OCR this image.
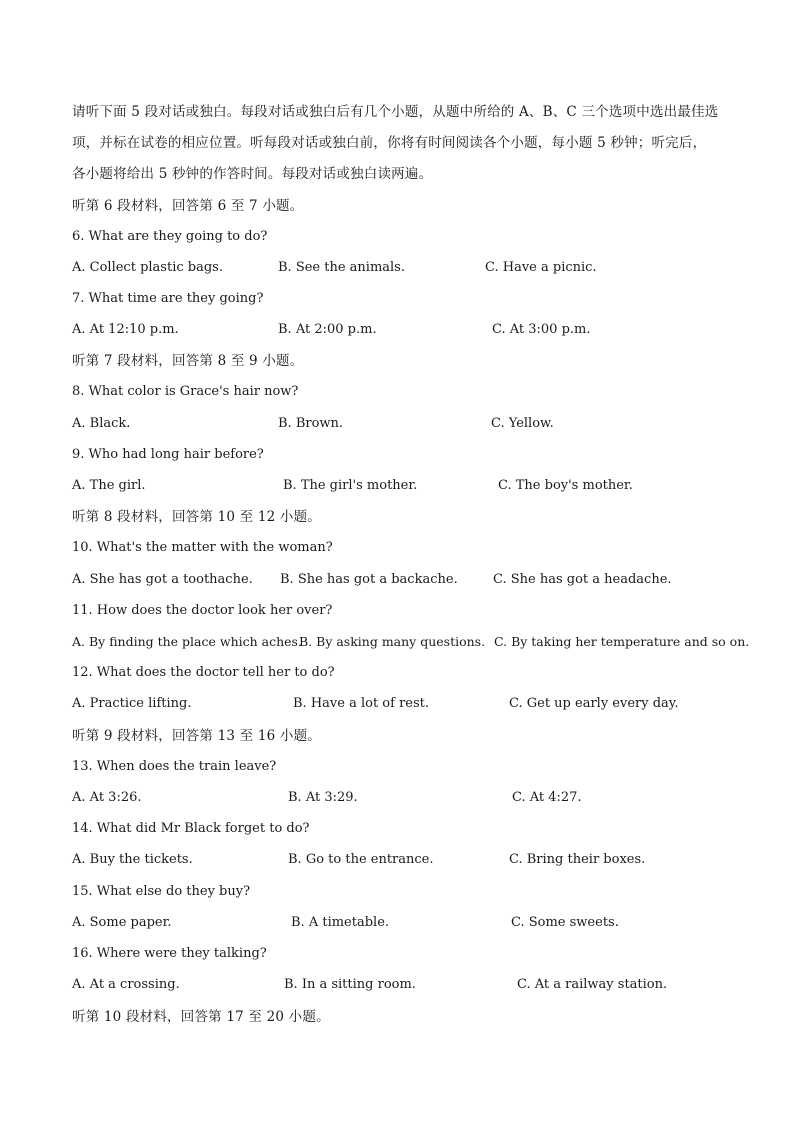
请听下面 5 段对话或独白。每段对话或独白后有几个小题，从题中所给的 A、B、C 三个选项中选出最佳选
项，并标在试卷的相应位置。听每段对话或独白前，你将有时间阅读各个小题，每小题 5 秒钟；听完后，
各小题将给出 5 秒钟的作答时间。每段对话或独白读两遍。
听第 6 段材料，回答第 6 至 7 小题。
6. What are they going to do?
A. Collect plastic bags.	B. See the animals.	C. Have a picnic.
7. What time are they going?
A. At 12:10 p.m.	B. At 2:00 p.m.	C. At 3:00 p.m.
听第 7 段材料，回答第 8 至 9 小题。
8. What color is Grace's hair now?
A. Black.	B. Brown.	C. Yellow.
9. Who had long hair before?
A. The girl.	B. The girl's mother.	C. The boy's mother.
听第 8 段材料，回答第 10 至 12 小题。
10. What's the matter with the woman?
A. She has got a toothache. B. She has got a backache.	C. She has got a headache.
11. How does the doctor look her over?
A. By finding the place which aches.
B. By asking many questions. C. By taking her temperature and so on.
12. What does the doctor tell her to do?
A. Practice lifting.	B. Have a lot of rest.	C. Get up early every day.
听第 9 段材料，回答第 13 至 16 小题。
13. When does the train leave?
A. At 3:26.	B. At 3:29.	C. At 4:27.
14. What did Mr Black forget to do?
A. Buy the tickets.	B. Go to the entrance.	C. Bring their boxes.
15. What else do they buy?
A. Some paper.	B. A timetable.	C. Some sweets.
16. Where were they talking?
A. At a crossing.	B. In a sitting room.	C. At a railway station.
听第 10 段材料，回答第 17 至 20 小题。
